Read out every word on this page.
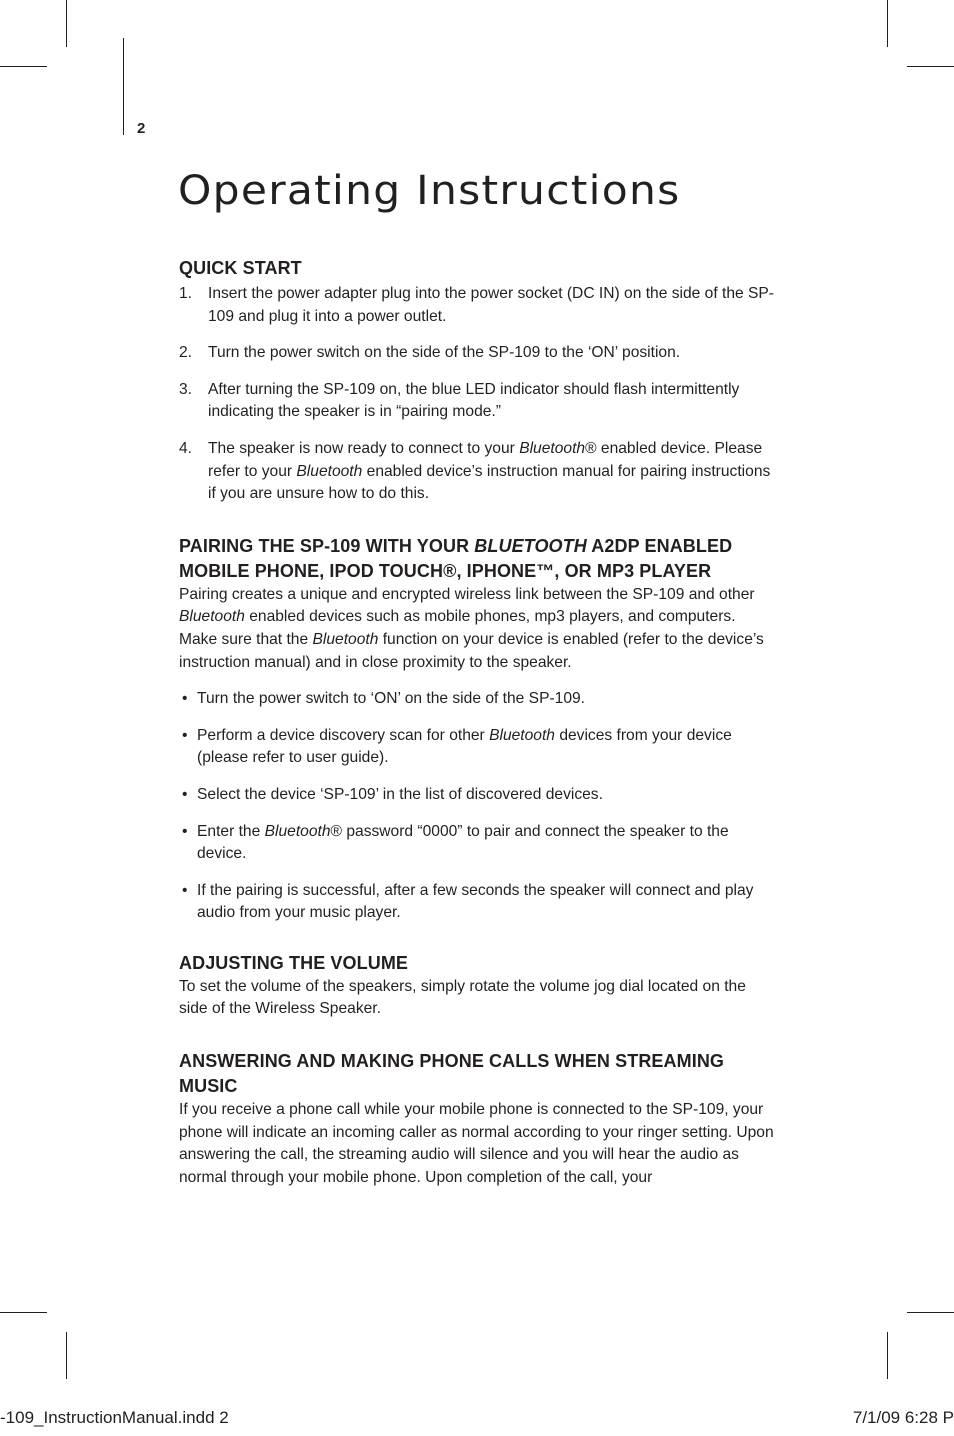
2
Operating Instructions
QUICK START
1. Insert the power adapter plug into the power socket (DC IN) on the side of the SP-109 and plug it into a power outlet.
2. Turn the power switch on the side of the SP-109 to the ‘ON’ position.
3. After turning the SP-109 on, the blue LED indicator should flash intermittently indicating the speaker is in “pairing mode.”
4. The speaker is now ready to connect to your Bluetooth® enabled device. Please refer to your Bluetooth enabled device’s instruction manual for pairing instructions if you are unsure how to do this.
PAIRING THE SP-109 WITH YOUR BLUETOOTH A2DP ENABLED MOBILE PHONE, IPOD TOUCH®, IPHONE™, OR MP3 PLAYER

Pairing creates a unique and encrypted wireless link between the SP-109 and other Bluetooth enabled devices such as mobile phones, mp3 players, and computers. Make sure that the Bluetooth function on your device is enabled (refer to the device’s instruction manual) and in close proximity to the speaker.

• Turn the power switch to ‘ON’ on the side of the SP-109.
• Perform a device discovery scan for other Bluetooth devices from your device (please refer to user guide).
• Select the device ‘SP-109’ in the list of discovered devices.
• Enter the Bluetooth® password “0000” to pair and connect the speaker to the device.
• If the pairing is successful, after a few seconds the speaker will connect and play audio from your music player.
ADJUSTING THE VOLUME

To set the volume of the speakers, simply rotate the volume jog dial located on the side of the Wireless Speaker.

ANSWERING AND MAKING PHONE CALLS WHEN STREAMING MUSIC

If you receive a phone call while your mobile phone is connected to the SP-109, your phone will indicate an incoming caller as normal according to your ringer setting. Upon answering the call, the streaming audio will silence and you will hear the audio as normal through your mobile phone. Upon completion of the call, your

-109_InstructionManual.indd 2	7/1/09 6:28 P
